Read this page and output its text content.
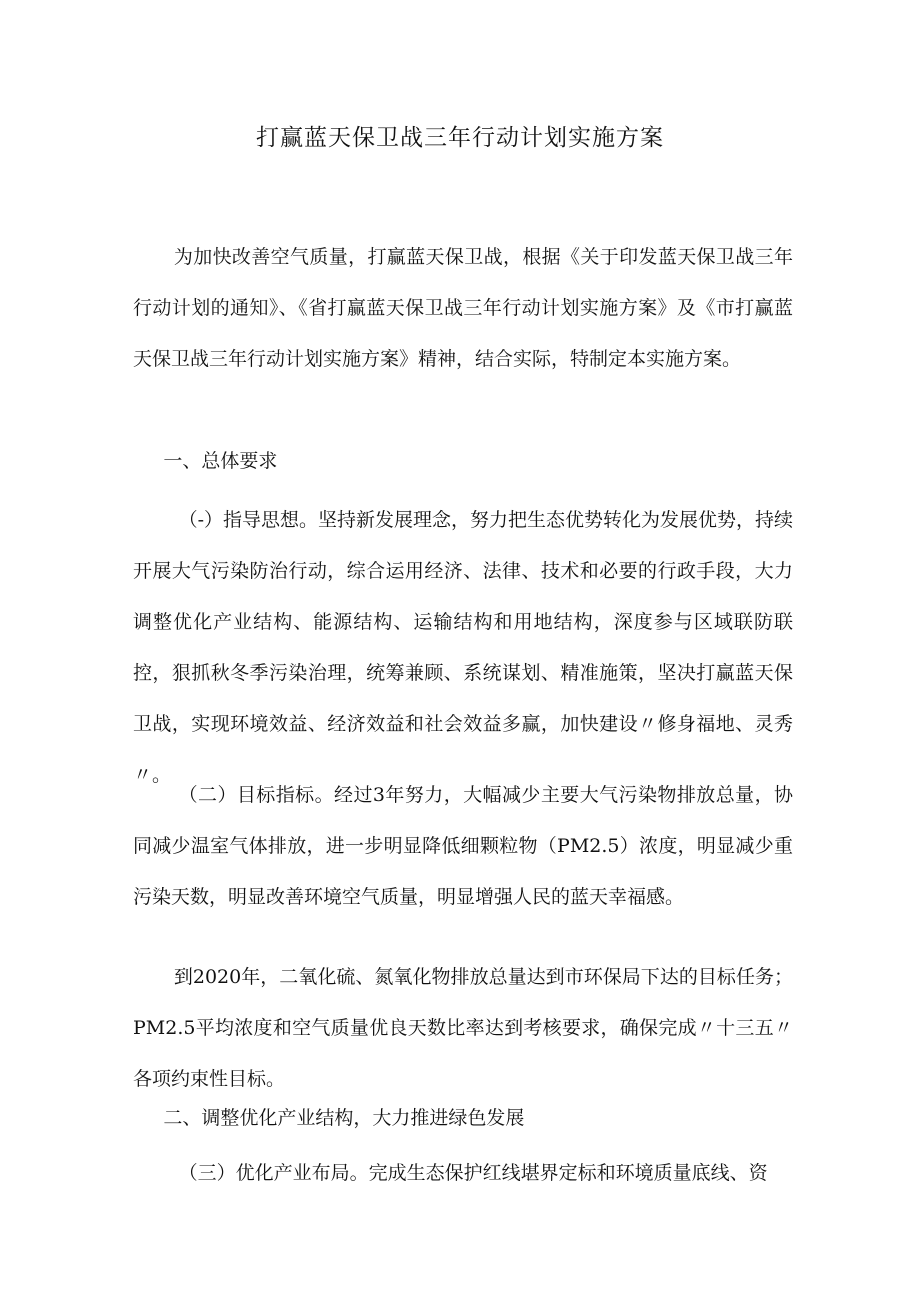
打赢蓝天保卫战三年行动计划实施方案

为加快改善空气质量，打赢蓝天保卫战，根据《关于印发蓝天保卫战三年行动计划的通知》、《省打赢蓝天保卫战三年行动计划实施方案》及《市打赢蓝天保卫战三年行动计划实施方案》精神，结合实际，特制定本实施方案。

一、总体要求

（-）指导思想。坚持新发展理念，努力把生态优势转化为发展优势，持续开展大气污染防治行动，综合运用经济、法律、技术和必要的行政手段，大力调整优化产业结构、能源结构、运输结构和用地结构，深度参与区域联防联控，狠抓秋冬季污染治理，统筹兼顾、系统谋划、精准施策，坚决打赢蓝天保卫战，实现环境效益、经济效益和社会效益多赢，加快建设〃修身福地、灵秀〃。

（二）目标指标。经过3年努力，大幅减少主要大气污染物排放总量，协同减少温室气体排放，进一步明显降低细颗粒物（PM2.5）浓度，明显减少重污染天数，明显改善环境空气质量，明显增强人民的蓝天幸福感。

到2020年，二氧化硫、氮氧化物排放总量达到市环保局下达的目标任务；PM2.5平均浓度和空气质量优良天数比率达到考核要求，确保完成〃十三五〃各项约束性目标。

二、调整优化产业结构，大力推进绿色发展

（三）优化产业布局。完成生态保护红线堪界定标和环境质量底线、资
